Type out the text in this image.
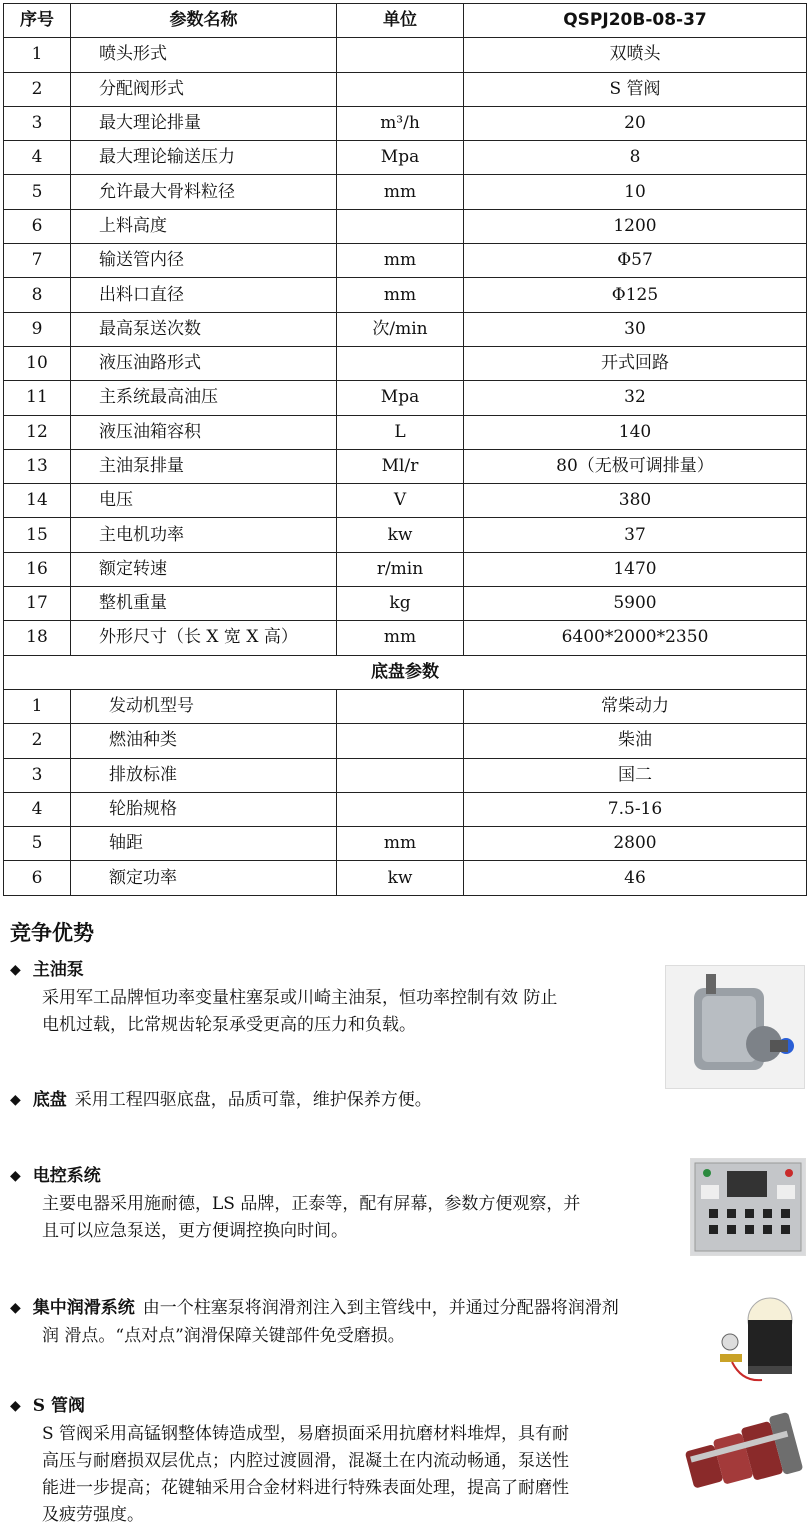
序号	参数名称	单位	QSPJ20B-08-37
1	喷头形式		双喷头
2	分配阀形式		S 管阀
3	最大理论排量	m³/h	20
4	最大理论输送压力	Mpa	8
5	允许最大骨料粒径	mm	10
6	上料高度		1200
7	输送管内径	mm	Φ57
8	出料口直径	mm	Φ125
9	最高泵送次数	次/min	30
10	液压油路形式		开式回路
11	主系统最高油压	Mpa	32
12	液压油箱容积	L	140
13	主油泵排量	Ml/r	80（无极可调排量）
14	电压	V	380
15	主电机功率	kw	37
16	额定转速	r/min	1470
17	整机重量	kg	5900
18	外形尺寸（长 X 宽 X 高）	mm	6400*2000*2350
底盘参数			
1	发动机型号		常柴动力
2	燃油种类		柴油
3	排放标准		国二
4	轮胎规格		7.5-16
5	轴距	mm	2800
6	额定功率	kw	46
竞争优势
◆ 主油泵
采用军工品牌恒功率变量柱塞泵或川崎主油泵，恒功率控制有效 防止
电机过载，比常规齿轮泵承受更高的压力和负载。
◆ 底盘 采用工程四驱底盘，品质可靠，维护保养方便。
◆ 电控系统
主要电器采用施耐德，LS 品牌，正泰等，配有屏幕，参数方便观察，并
且可以应急泵送，更方便调控换向时间。
◆ 集中润滑系统 由一个柱塞泵将润滑剂注入到主管线中，并通过分配器将润滑剂
润 滑点。“点对点”润滑保障关键部件免受磨损。
◆ S 管阀
S 管阀采用高锰钢整体铸造成型，易磨损面采用抗磨材料堆焊，具有耐
高压与耐磨损双层优点；内腔过渡圆滑，混凝土在内流动畅通，泵送性
能进一步提高；花键轴采用合金材料进行特殊表面处理，提高了耐磨性
及疲劳强度。
